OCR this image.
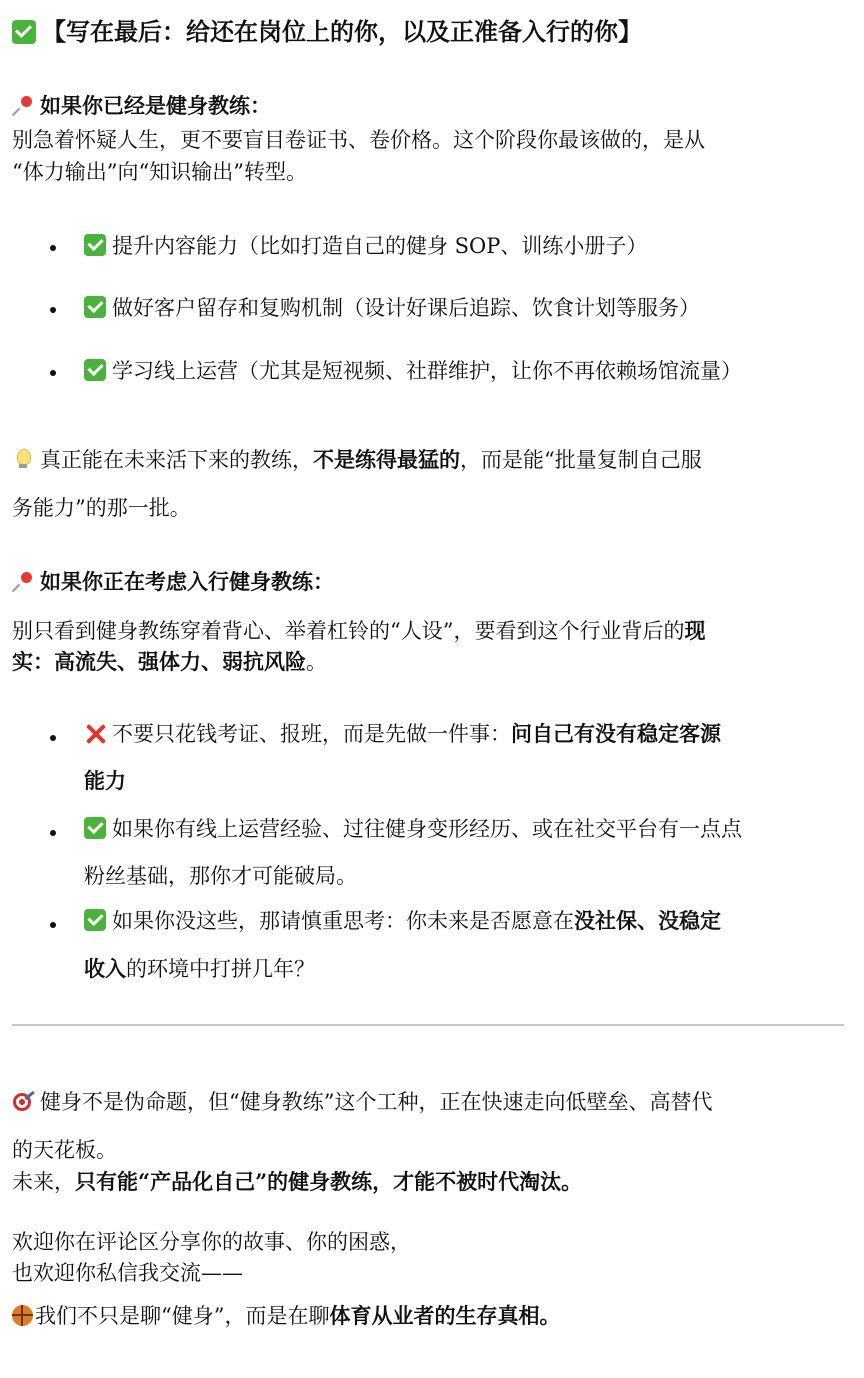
【写在最后：给还在岗位上的你，以及正准备入行的你】
如果你已经是健身教练：
别急着怀疑人生，更不要盲目卷证书、卷价格。这个阶段你最该做的，是从
“体力输出”向“知识输出”转型。
提升内容能力（比如打造自己的健身 SOP、训练小册子）
做好客户留存和复购机制（设计好课后追踪、饮食计划等服务）
学习线上运营（尤其是短视频、社群维护，让你不再依赖场馆流量）
真正能在未来活下来的教练，不是练得最猛的，而是能“批量复制自己服
务能力”的那一批。
如果你正在考虑入行健身教练：
别只看到健身教练穿着背心、举着杠铃的“人设”，要看到这个行业背后的现
实：高流失、强体力、弱抗风险。
不要只花钱考证、报班，而是先做一件事：问自己有没有稳定客源
能力
如果你有线上运营经验、过往健身变形经历、或在社交平台有一点点
粉丝基础，那你才可能破局。
如果你没这些，那请慎重思考：你未来是否愿意在没社保、没稳定
收入的环境中打拼几年？
健身不是伪命题，但“健身教练”这个工种，正在快速走向低壁垒、高替代
的天花板。
未来，只有能“产品化自己”的健身教练，才能不被时代淘汰。
欢迎你在评论区分享你的故事、你的困惑，
也欢迎你私信我交流——
我们不只是聊“健身”，而是在聊体育从业者的生存真相。
